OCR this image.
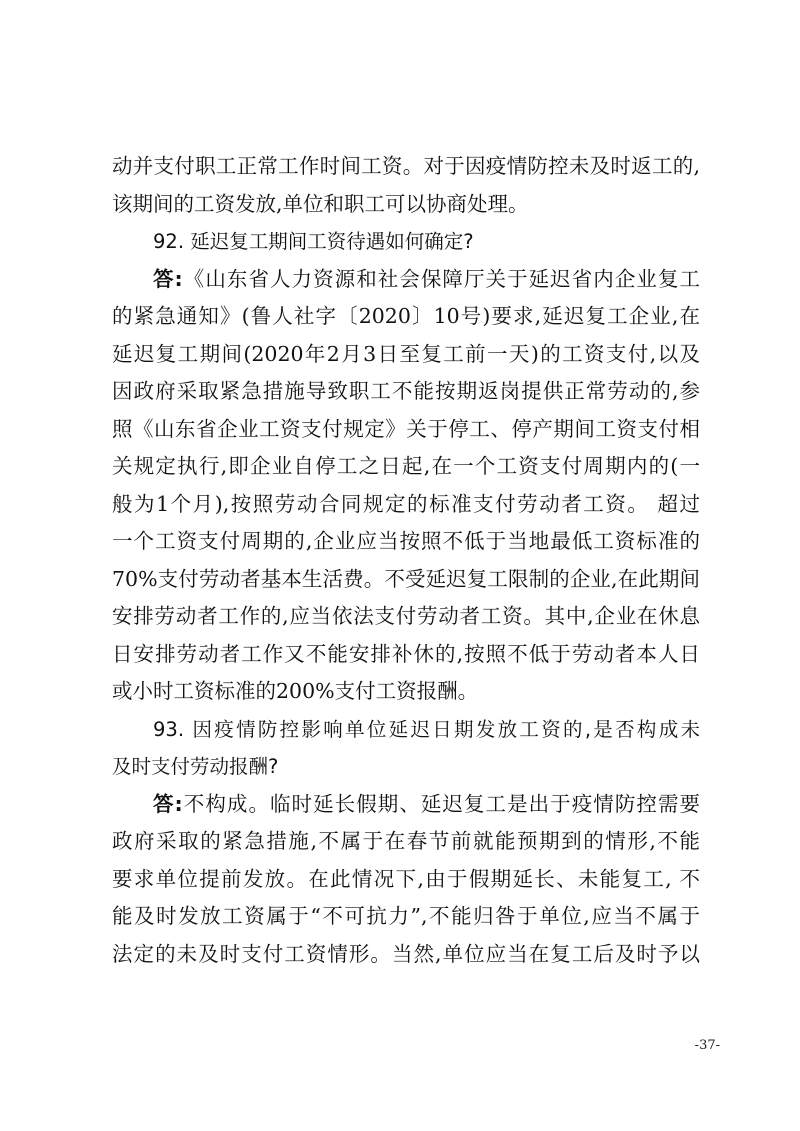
动并支付职工正常工作时间工资。对于因疫情防控未及时返工的,
该期间的工资发放,单位和职工可以协商处理。
92. 延迟复工期间工资待遇如何确定?
答:《山东省人力资源和社会保障厅关于延迟省内企业复工
的紧急通知》(鲁人社字〔2020〕10号)要求,延迟复工企业,在
延迟复工期间(2020年2月3日至复工前一天)的工资支付,以及
因政府采取紧急措施导致职工不能按期返岗提供正常劳动的,参
照《山东省企业工资支付规定》关于停工、停产期间工资支付相
关规定执行,即企业自停工之日起,在一个工资支付周期内的(一
般为1个月),按照劳动合同规定的标准支付劳动者工资。 超过
一个工资支付周期的,企业应当按照不低于当地最低工资标准的
70%支付劳动者基本生活费。不受延迟复工限制的企业,在此期间
安排劳动者工作的,应当依法支付劳动者工资。其中,企业在休息
日安排劳动者工作又不能安排补休的,按照不低于劳动者本人日
或小时工资标准的200%支付工资报酬。
93. 因疫情防控影响单位延迟日期发放工资的,是否构成未
及时支付劳动报酬?
答:不构成。临时延长假期、延迟复工是出于疫情防控需要
政府采取的紧急措施,不属于在春节前就能预期到的情形,不能
要求单位提前发放。在此情况下,由于假期延长、未能复工, 不
能及时发放工资属于“不可抗力”,不能归咎于单位,应当不属于
法定的未及时支付工资情形。当然,单位应当在复工后及时予以
-37-
